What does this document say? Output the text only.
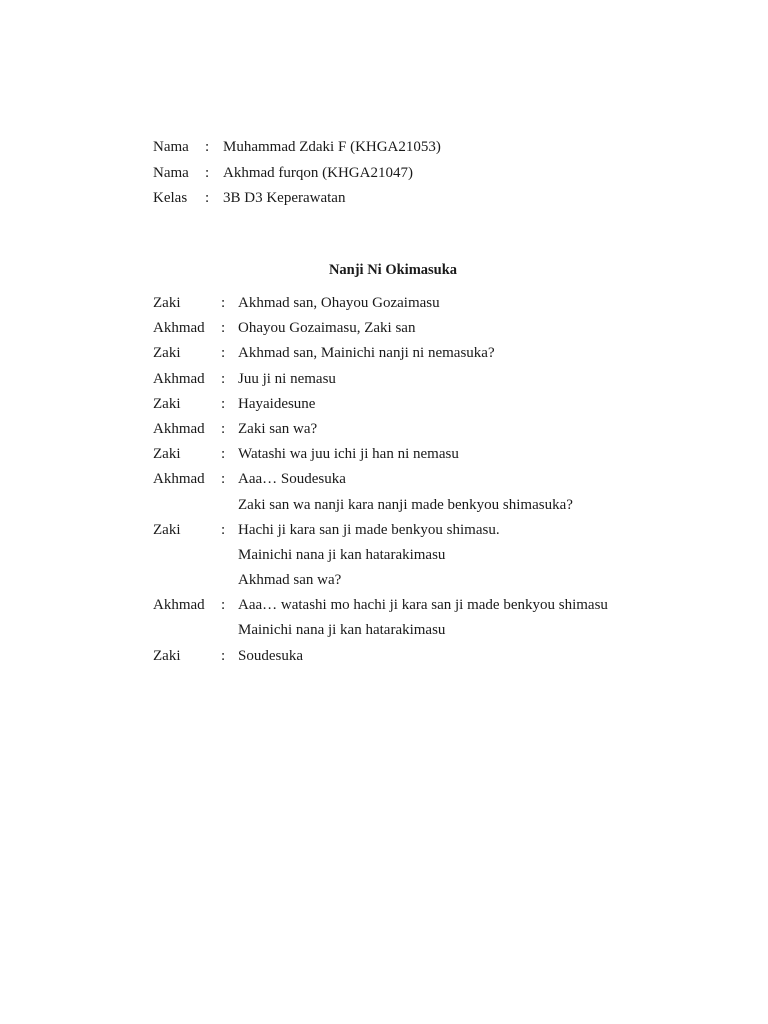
Nama	: Muhammad Zdaki F (KHGA21053)
Nama	: Akhmad furqon (KHGA21047)
Kelas	: 3B D3 Keperawatan
Nanji Ni Okimasuka
Zaki	: Akhmad san, Ohayou Gozaimasu
Akhmad	: Ohayou Gozaimasu, Zaki san
Zaki	: Akhmad san, Mainichi nanji ni nemasuka?
Akhmad	: Juu ji ni nemasu
Zaki	: Hayaidesune
Akhmad	: Zaki san wa?
Zaki	: Watashi wa juu ichi ji han ni nemasu
Akhmad	: Aaa… Soudesuka
Zaki san wa nanji kara nanji made benkyou shimasuka?
Zaki	: Hachi ji kara san ji made benkyou shimasu.
Mainichi nana ji kan hatarakimasu
Akhmad san wa?
Akhmad	: Aaa… watashi mo hachi ji kara san ji made benkyou shimasu
Mainichi nana ji kan hatarakimasu
Zaki	: Soudesuka
